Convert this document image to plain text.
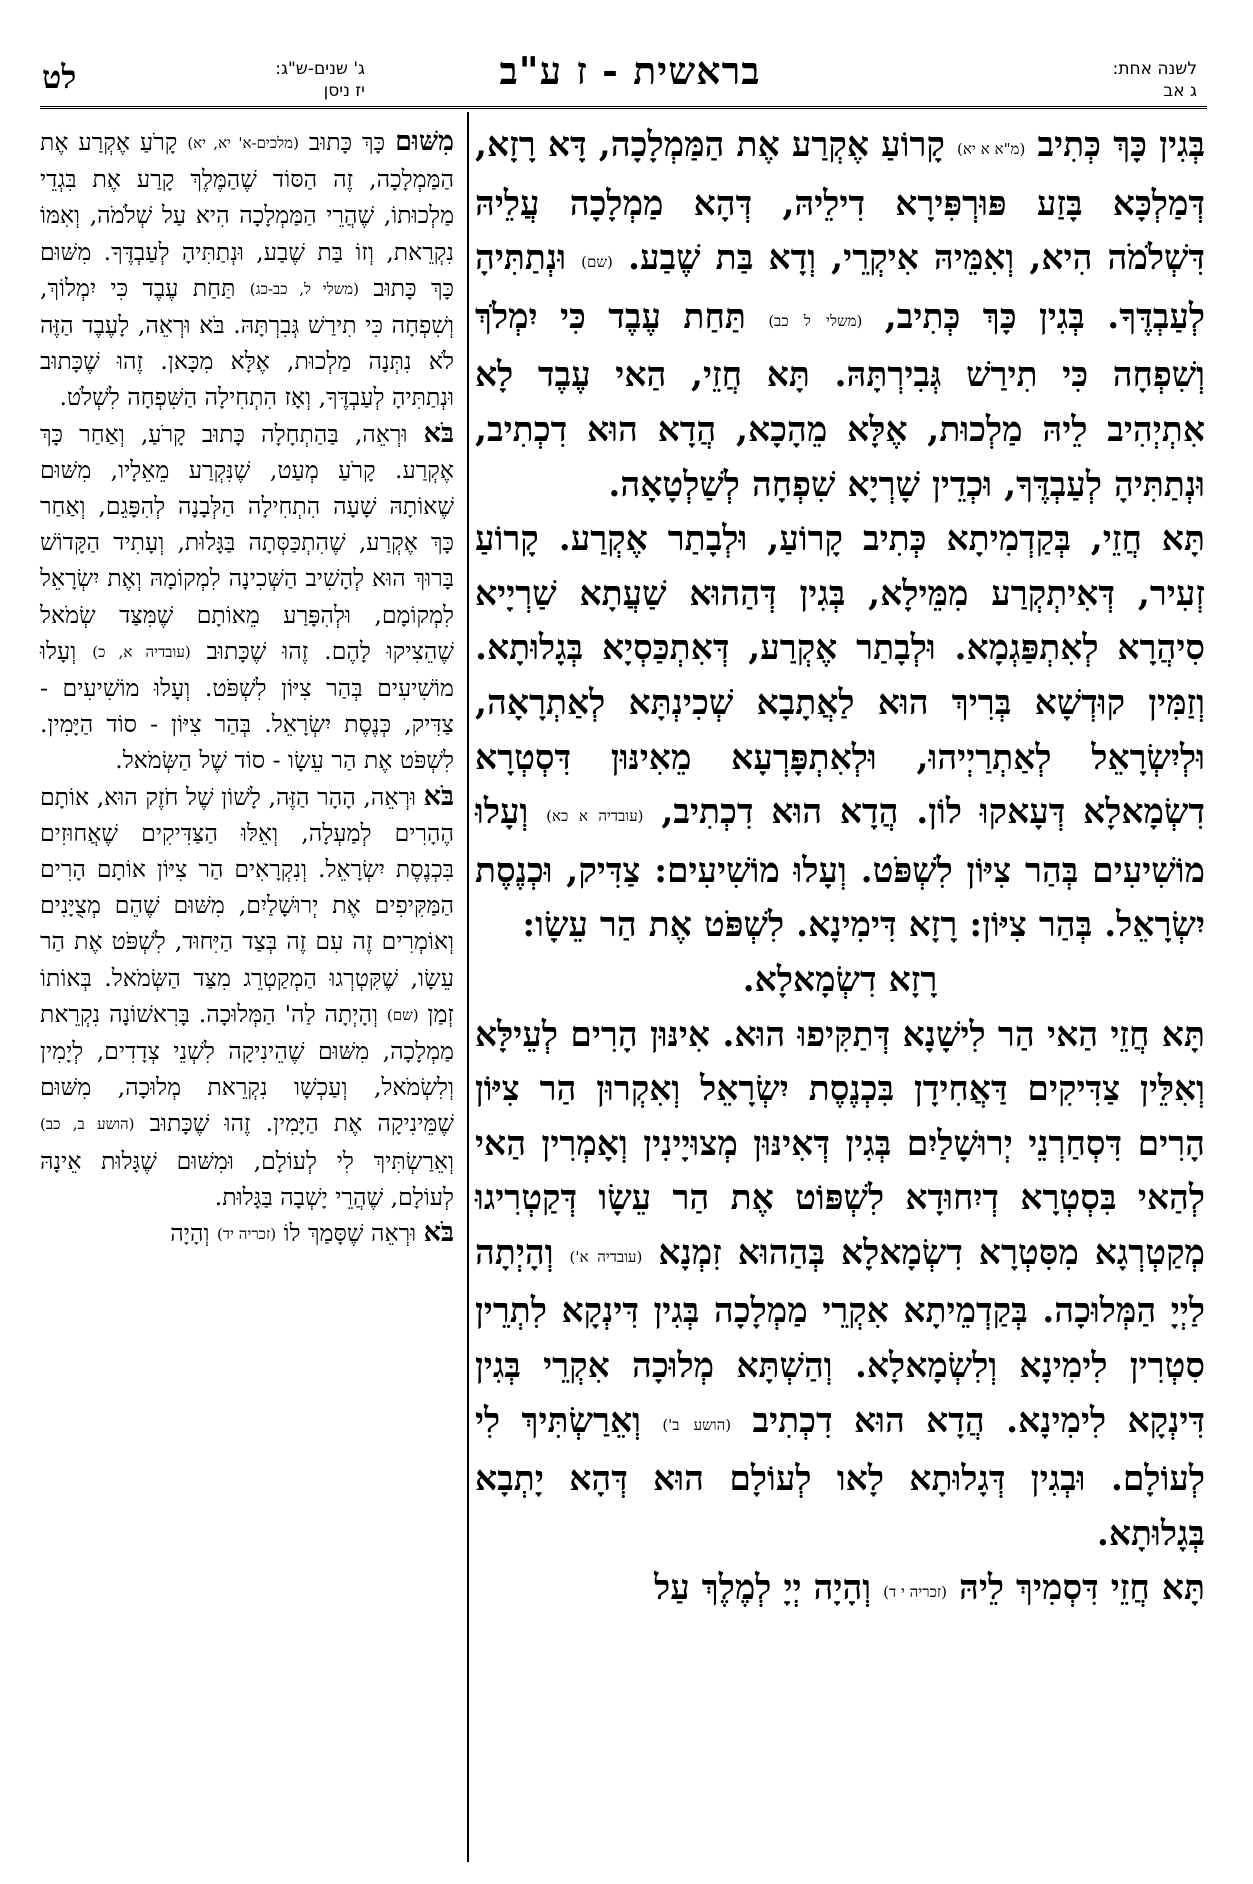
לשנה אחת:
ג אב
בראשית - ז ע"ב
ג' שנים-ש"ג:
יז ניסן
לט

בְּגִין כָּךְ כְּתִיב (מ"א א יא) קָרוֹעַ אֶקְרַע אֶת הַמַּמְלָכָה, דָּא רָזָא, דְּמַלְכָּא בָּזַע פּוּרְפִּירָא דִילֵיהּ, דְּהָא מַמְלָכָה עֲלֵיהּ דִּשְׁלֹמֹה הִיא, וְאִמֵּיהּ אִיקְרֵי, וְדָא בַּת שֶׁבַע. (שם) וּנְתַתִּיהָ לְעַבְדֶּךָ. בְּגִין כָּךְ כְּתִיב, (משלי ל כב) תַּחַת עֶבֶד כִּי יִמְלֹךְ וְשִׁפְחָה כִּי תִירַשׁ גְּבִירְתָּהּ. תָּא חֲזֵי, הַאי עֶבֶד לָא אִתְיְהִיב לֵיהּ מַלְכוּת, אֶלָּא מֵהָכָא, הֲדָא הוּא דִכְתִיב, וּנְתַתִּיהָ לְעַבְדֶּךָ, וּכְדֵין שָׁרְיָא שִׁפְחָה לְשַׁלְטָאָה.

תָּא חֲזֵי, בְּקַדְמִיתָא כְּתִיב קָרוֹעַ, וּלְבָתַר אֶקְרַע. קָרוֹעַ זְעִיר, דְּאִיתְקְרַע מִמֵּילָא, בְּגִין דְּהַהוּא שַׁעֲתָא שַׁרְיָיא סִיהֲרָא לְאִתְפַּגְמָא. וּלְבָתַר אֶקְרַע, דְּאִתְכַּסְיָא בְּגָלוּתָא. וְזַמִּין קוּדְשָׁא בְּרִיךְ הוּא לַאֲתָבָא שְׁכִינְתָּא לְאַתְרָאָה, וּלְיִשְׂרָאֵל לְאַתְרַיְיהוּ, וּלְאִתְפָּרְעָא מֵאִינּוּן דִּסְטְרָא דִשְׂמָאלָא דְּעָאקוּ לוֹן. הֲדָא הוּא דִכְתִיב, (עובדיה א כא) וְעָלוּ מוֹשִׁיעִים בְּהַר צִיּוֹן לִשְׁפֹּט. וְעָלוּ מוֹשִׁיעִים: צַדִּיק, וּכְנֶסֶת יִשְׂרָאֵל. בְּהַר צִיּוֹן: רָזָא דִּימִינָא. לִשְׁפֹּט אֶת הַר עֵשָׂו:

רָזָא דִשְׂמָאלָא.

תָּא חֲזֵי הַאי הַר לִישָׁנָא דְּתַקִּיפוּ הוּא. אִינּוּן הָרִים לְעֵילָּא וְאִלֵּין צַדִּיקִים דַּאֲחִידָן בִּכְנֶסֶת יִשְׂרָאֵל וְאִקְרוּן הַר צִיּוֹן הָרִים דִּסְחַרְנֵי יְרוּשָׁלַיִם בְּגִין דְּאִינּוּן מְצוּיָינִין וְאָמְרִין הַאי לְהַאי בִּסְטְרָא דְיִחוּדָא לִשְׁפּוֹט אֶת הַר עֵשָׂו דְּקַטְרִיגוּ מְקַטְרְגָא מִסִּטְרָא דִשְׂמָאלָא בְּהַהוּא זִמְנָא (עובדיה א') וְהָיְתָה לַיְיָ הַמְּלוּכָה. בְּקַדְמֵיתָא אִקְרֵי מַמְלָכָה בְּגִין דִּינְקָא לִתְרֵין סִטְרִין לִימִינָא וְלִשְׂמָאלָא. וְהַשְׁתָּא מְלוּכָה אִקְרֵי בְּגִין דִּינְקָא לִימִינָא. הֲדָא הוּא דִכְתִיב (הושע ב') וְאֵרַשְׂתִּיךְ לִי לְעוֹלָם. וּבְגִין דְּגָלוּתָא לָאו לְעוֹלָם הוּא דְּהָא יָתְבָא בְּגָלוּתָא.

תָּא חֲזֵי דִּסְמִיךְ לֵיהּ (זכריה י ד) וְהָיָה יְיָ לְמֶלֶךְ עַל

מִשּׁוּם כָּךְ כָּתוּב (מלכים-א' יא, יא) קָרֹעַ אֶקְרַע אֶת הַמַּמְלָכָה, זֶה הַסּוֹד שֶׁהַמֶּלֶךְ קָרַע אֶת בִּגְדֵי מַלְכוּתוֹ, שֶׁהֲרֵי הַמַּמְלָכָה הִיא עַל שְׁלֹמֹה, וְאִמּוֹ נִקְרֵאת, וְזוֹ בַּת שֶׁבַע, וּנְתַתִּיהָ לְעַבְדֶּךָ. מִשּׁוּם כָּךְ כָּתוּב (משלי ל, כב-כג) תַּחַת עֶבֶד כִּי יִמְלוֹךְ, וְשִׁפְחָה כִּי תִירַשׁ גְּבִרְתָּהּ. בֹּא וּרְאֵה, לָעֶבֶד הַזֶּה לֹא נִתְּנָה מַלְכוּת, אֶלָּא מִכָּאן. זֶהוּ שֶׁכָּתוּב וּנְתַתִּיהָ לְעַבְדֶּךָ, וְאָז הִתְחִילָה הַשִּׁפְחָה לִשְׁלֹט.

בֹּא וּרְאֵה, בַּהַתְחָלָה כָּתוּב קָרֹעַ, וְאַחַר כָּךְ אֶקְרַע. קָרֹעַ מְעַט, שֶׁנִּקְרַע מֵאֵלָיו, מִשּׁוּם שֶׁאוֹתָהּ שָׁעָה הִתְחִילָה הַלְּבָנָה לְהִפָּגֵם, וְאַחַר כָּךְ אֶקְרַע, שֶׁהִתְכַּסְּתָה בַּגָּלוּת, וְעָתִיד הַקָּדוֹשׁ בָּרוּךְ הוּא לְהָשִׁיב הַשְּׁכִינָה לִמְקוֹמָהּ וְאֶת יִשְׂרָאֵל לִמְקוֹמָם, וּלְהִפָּרַע מֵאוֹתָם שֶׁמִּצַּד שְׂמֹאל שֶׁהֵצִיקוּ לָהֶם. זֶהוּ שֶׁכָּתוּב (עובדיה א, כ) וְעָלוּ מוֹשִׁיעִים בְּהַר צִיּוֹן לִשְׁפֹּט. וְעָלוּ מוֹשִׁיעִים - צַדִּיק, כְּנֶסֶת יִשְׂרָאֵל. בְּהַר צִיּוֹן - סוֹד הַיָּמִין. לִשְׁפֹּט אֶת הַר עֵשָׂו - סוֹד שֶׁל הַשְּׂמֹאל.

בֹּא וּרְאֵה, הָהָר הַזֶּה, לָשׁוֹן שֶׁל חֹזֶק הוּא, אוֹתָם הֶהָרִים לְמַעְלָה, וְאֵלּוּ הַצַּדִּיקִים שֶׁאֲחוּזִים בִּכְנֶסֶת יִשְׂרָאֵל. וְנִקְרָאִים הַר צִיּוֹן אוֹתָם הָרִים הַמַּקִּיפִים אֶת יְרוּשָׁלַיִם, מִשּׁוּם שֶׁהֵם מְצֻיָּנִים וְאוֹמְרִים זֶה עִם זֶה בְּצַד הַיִּחוּד, לִשְׁפֹּט אֶת הַר עֵשָׂו, שֶׁקִּטְרְגוּ הַמְקַטְרֵג מִצַּד הַשְּׂמֹאל. בְּאוֹתוֹ זְמַן (שם) וְהָיְתָה לַה' הַמְּלוּכָה. בָּרִאשׁוֹנָה נִקְרֵאת מַמְלָכָה, מִשּׁוּם שֶׁהֵינִיקָה לִשְׁנֵי צְדָדִים, לְיָמִין וְלִשְׂמֹאל, וְעַכְשָׁו נִקְרֵאת מְלוּכָה, מִשּׁוּם שֶׁמֵּינִיקָה אֶת הַיָּמִין. זֶהוּ שֶׁכָּתוּב (הושע ב, כב) וְאֵרַשְׂתִּיךְ לִי לְעוֹלָם, וּמִשּׁוּם שֶׁגָּלוּת אֵינָהּ לְעוֹלָם, שֶׁהֲרֵי יָשְׁבָה בַּגָּלוּת.

בֹּא וּרְאֵה שֶׁסָּמַךְ לוֹ (זכריה יד) וְהָיָה
